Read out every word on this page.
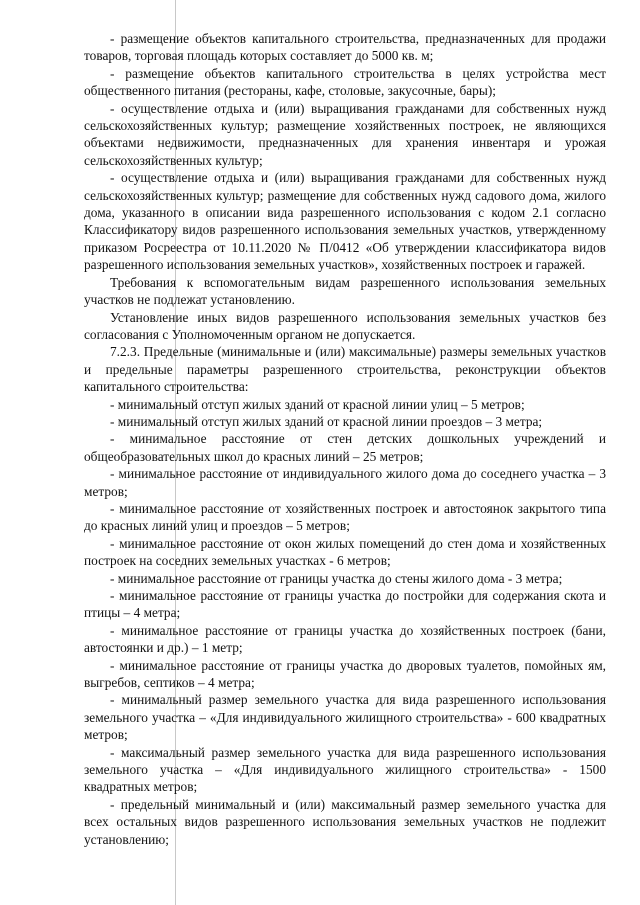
- размещение объектов капитального строительства, предназначенных для продажи товаров, торговая площадь которых составляет до 5000 кв. м;

- размещение объектов капитального строительства в целях устройства мест общественного питания (рестораны, кафе, столовые, закусочные, бары);

- осуществление отдыха и (или) выращивания гражданами для собственных нужд сельскохозяйственных культур; размещение хозяйственных построек, не являющихся объектами недвижимости, предназначенных для хранения инвентаря и урожая сельскохозяйственных культур;

- осуществление отдыха и (или) выращивания гражданами для собственных нужд сельскохозяйственных культур; размещение для собственных нужд садового дома, жилого дома, указанного в описании вида разрешенного использования с кодом 2.1 согласно Классификатору видов разрешенного использования земельных участков, утвержденному приказом Росреестра от 10.11.2020 № П/0412 «Об утверждении классификатора видов разрешенного использования земельных участков», хозяйственных построек и гаражей.

Требования к вспомогательным видам разрешенного использования земельных участков не подлежат установлению.

Установление иных видов разрешенного использования земельных участков без согласования с Уполномоченным органом не допускается.

7.2.3. Предельные (минимальные и (или) максимальные) размеры земельных участков и предельные параметры разрешенного строительства, реконструкции объектов капитального строительства:

- минимальный отступ жилых зданий от красной линии улиц – 5 метров;

- минимальный отступ жилых зданий от красной линии проездов – 3 метра;

- минимальное расстояние от стен детских дошкольных учреждений и общеобразовательных школ до красных линий – 25 метров;

- минимальное расстояние от индивидуального жилого дома до соседнего участка – 3 метров;

- минимальное расстояние от хозяйственных построек и автостоянок закрытого типа до красных линий улиц и проездов – 5 метров;

- минимальное расстояние от окон жилых помещений до стен дома и хозяйственных построек на соседних земельных участках - 6 метров;

- минимальное расстояние от границы участка до стены жилого дома - 3 метра;

- минимальное расстояние от границы участка до постройки для содержания скота и птицы – 4 метра;

- минимальное расстояние от границы участка до хозяйственных построек (бани, автостоянки и др.) – 1 метр;

- минимальное расстояние от границы участка до дворовых туалетов, помойных ям, выгребов, септиков – 4 метра;

- минимальный размер земельного участка для вида разрешенного использования земельного участка – «Для индивидуального жилищного строительства» - 600 квадратных метров;

- максимальный размер земельного участка для вида разрешенного использования земельного участка – «Для индивидуального жилищного строительства» - 1500 квадратных метров;

- предельный минимальный и (или) максимальный размер земельного участка для всех остальных видов разрешенного использования земельных участков не подлежит установлению;
